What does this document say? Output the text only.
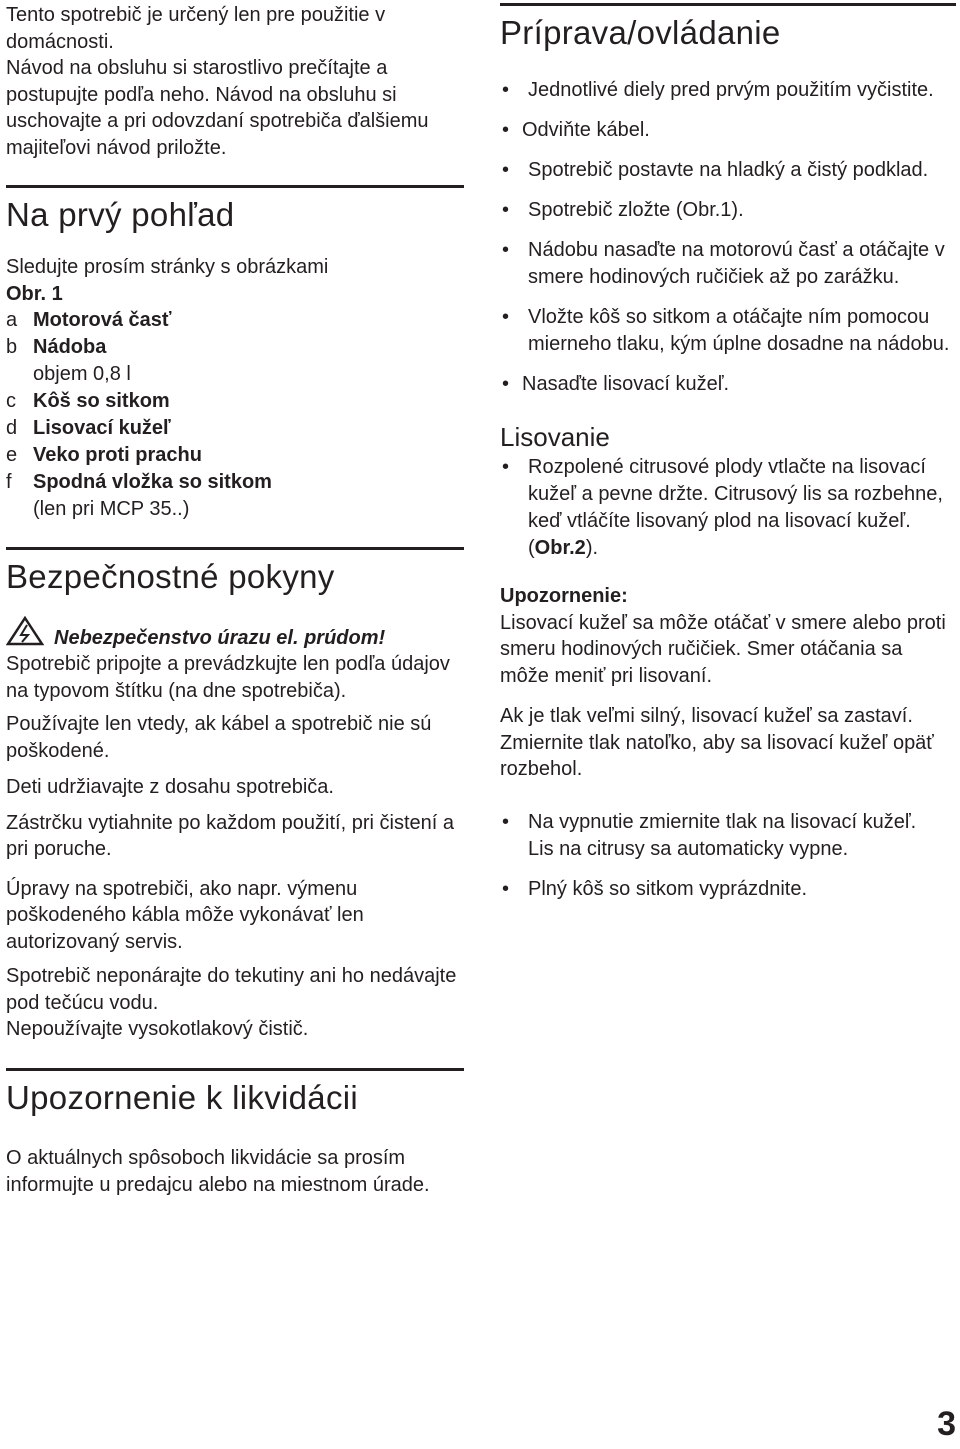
Tento spotrebič je určený len pre použitie v domácnosti.

Návod na obsluhu si starostlivo prečítajte a postupujte podľa neho. Návod na obsluhu si uschovajte a pri odovzdaní spotrebiča ďalšiemu majiteľovi návod priložte.

Na prvý pohľad

Sledujte prosím stránky s obrázkami

Obr. 1

a Motorová časť
b Nádoba
objem 0,8 l
c Kôš so sitkom
d Lisovací kužeľ
e Veko proti prachu
f	Spodná vložka so sitkom
(len pri MCP 35..)
Bezpečnostné pokyny
Nebezpečenstvo úrazu el. prúdom!

Spotrebič pripojte a prevádzkujte len podľa údajov na typovom štítku (na dne spotrebiča).

Používajte len vtedy, ak kábel a spotrebič nie sú poškodené.

Deti udržiavajte z dosahu spotrebiča.

Zástrčku vytiahnite po každom použití, pri čistení a pri poruche.

Úpravy na spotrebiči, ako napr. výmenu poškodeného kábla môže vykonávať len autorizovaný servis.

Spotrebič neponárajte do tekutiny ani ho nedávajte pod tečúcu vodu.

Nepoužívajte vysokotlakový čistič.

Upozornenie k likvidácii

O aktuálnych spôsoboch likvidácie sa prosím informujte u predajcu alebo na miestnom úrade.

Príprava/ovládanie
• Jednotlivé diely pred prvým použitím vyčistite.
• Odviňte kábel.
• Spotrebič postavte na hladký a čistý podklad.
• Spotrebič zložte (Obr.1).
• Nádobu nasaďte na motorovú časť a otáčajte v smere hodinových ručičiek až po zarážku.
• Vložte kôš so sitkom a otáčajte ním pomocou mierneho tlaku, kým úplne dosadne na nádobu.
• Nasaďte lisovací kužeľ.
Lisovanie
• Rozpolené citrusové plody vtlačte na lisovací kužeľ a pevne držte. Citrusový lis sa rozbehne, keď vtláčíte lisovaný plod na lisovací kužeľ. (Obr.2).

Upozornenie:

Lisovací kužeľ sa môže otáčať v smere alebo proti smeru hodinových ručičiek. Smer otáčania sa môže meniť pri lisovaní.

Ak je tlak veľmi silný, lisovací kužeľ sa zastaví. Zmiernite tlak natoľko, aby sa lisovací kužeľ opäť rozbehol.

• Na vypnutie zmiernite tlak na lisovací kužeľ.
Lis na citrusy sa automaticky vypne.
• Plný kôš so sitkom vyprázdnite.
3
